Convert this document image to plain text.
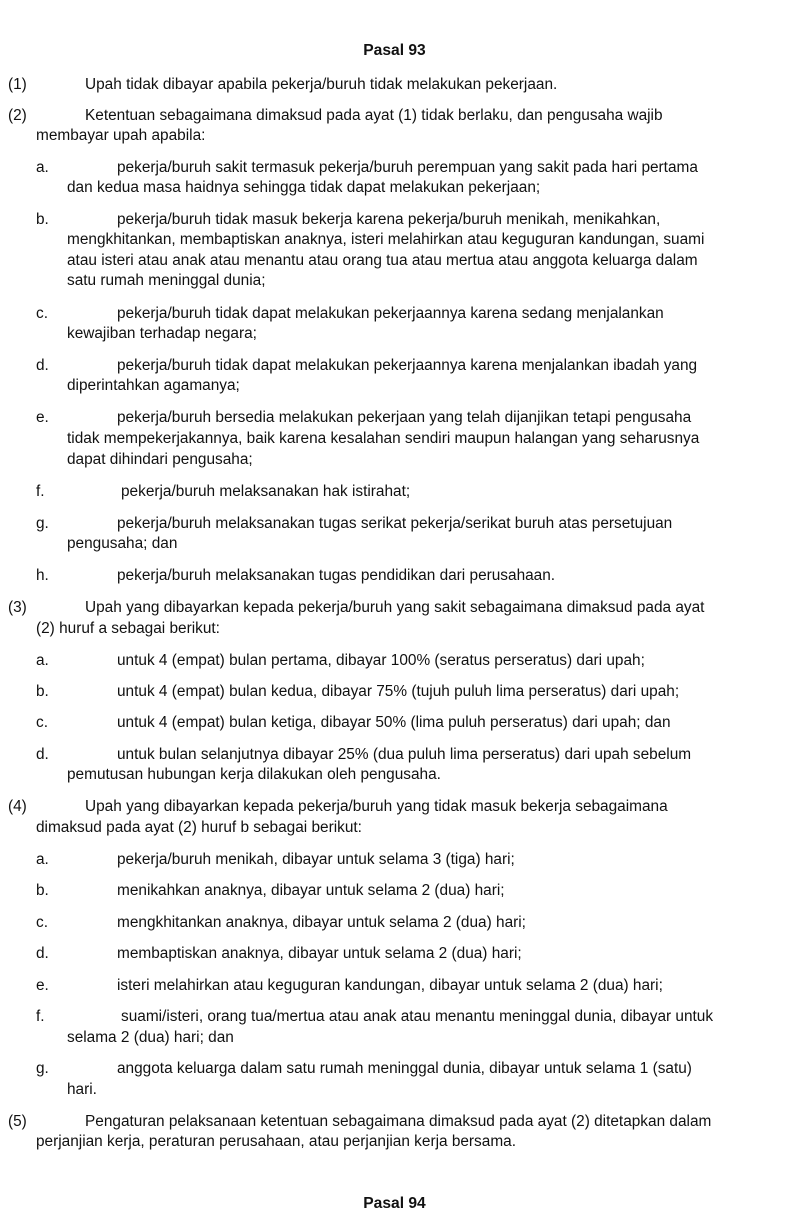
Pasal 93
(1)	Upah tidak dibayar apabila pekerja/buruh tidak melakukan pekerjaan.
(2)	Ketentuan sebagaimana dimaksud pada ayat (1) tidak berlaku, dan pengusaha wajib
membayar upah apabila:
a.	pekerja/buruh sakit termasuk pekerja/buruh perempuan yang sakit pada hari pertama
dan kedua masa haidnya sehingga tidak dapat melakukan pekerjaan;
b.	pekerja/buruh tidak masuk bekerja karena pekerja/buruh menikah, menikahkan,
mengkhitankan, membaptiskan anaknya, isteri melahirkan atau keguguran kandungan, suami
atau isteri atau anak atau menantu atau orang tua atau mertua atau anggota keluarga dalam
satu rumah meninggal dunia;
c.	pekerja/buruh tidak dapat melakukan pekerjaannya karena sedang menjalankan
kewajiban terhadap negara;
d.	pekerja/buruh tidak dapat melakukan pekerjaannya karena menjalankan ibadah yang
diperintahkan agamanya;
e.	pekerja/buruh bersedia melakukan pekerjaan yang telah dijanjikan tetapi pengusaha
tidak mempekerjakannya, baik karena kesalahan sendiri maupun halangan yang seharusnya
dapat dihindari pengusaha;
f.	pekerja/buruh melaksanakan hak istirahat;
g.	pekerja/buruh melaksanakan tugas serikat pekerja/serikat buruh atas persetujuan
pengusaha; dan
h.	pekerja/buruh melaksanakan tugas pendidikan dari perusahaan.
(3)	Upah yang dibayarkan kepada pekerja/buruh yang sakit sebagaimana dimaksud pada ayat
(2) huruf a sebagai berikut:
a.	untuk 4 (empat) bulan pertama, dibayar 100% (seratus perseratus) dari upah;
b.	untuk 4 (empat) bulan kedua, dibayar 75% (tujuh puluh lima perseratus) dari upah;
c.	untuk 4 (empat) bulan ketiga, dibayar 50% (lima puluh perseratus) dari upah; dan
d.	untuk bulan selanjutnya dibayar 25% (dua puluh lima perseratus) dari upah sebelum
pemutusan hubungan kerja dilakukan oleh pengusaha.
(4)	Upah yang dibayarkan kepada pekerja/buruh yang tidak masuk bekerja sebagaimana
dimaksud pada ayat (2) huruf b sebagai berikut:
a.	pekerja/buruh menikah, dibayar untuk selama 3 (tiga) hari;
b.	menikahkan anaknya, dibayar untuk selama 2 (dua) hari;
c.	mengkhitankan anaknya, dibayar untuk selama 2 (dua) hari;
d.	membaptiskan anaknya, dibayar untuk selama 2 (dua) hari;
e.	isteri melahirkan atau keguguran kandungan, dibayar untuk selama 2 (dua) hari;
f.	suami/isteri, orang tua/mertua atau anak atau menantu meninggal dunia, dibayar untuk
selama 2 (dua) hari; dan
g.	anggota keluarga dalam satu rumah meninggal dunia, dibayar untuk selama 1 (satu)
hari.
(5)	Pengaturan pelaksanaan ketentuan sebagaimana dimaksud pada ayat (2) ditetapkan dalam
perjanjian kerja, peraturan perusahaan, atau perjanjian kerja bersama.
Pasal 94
